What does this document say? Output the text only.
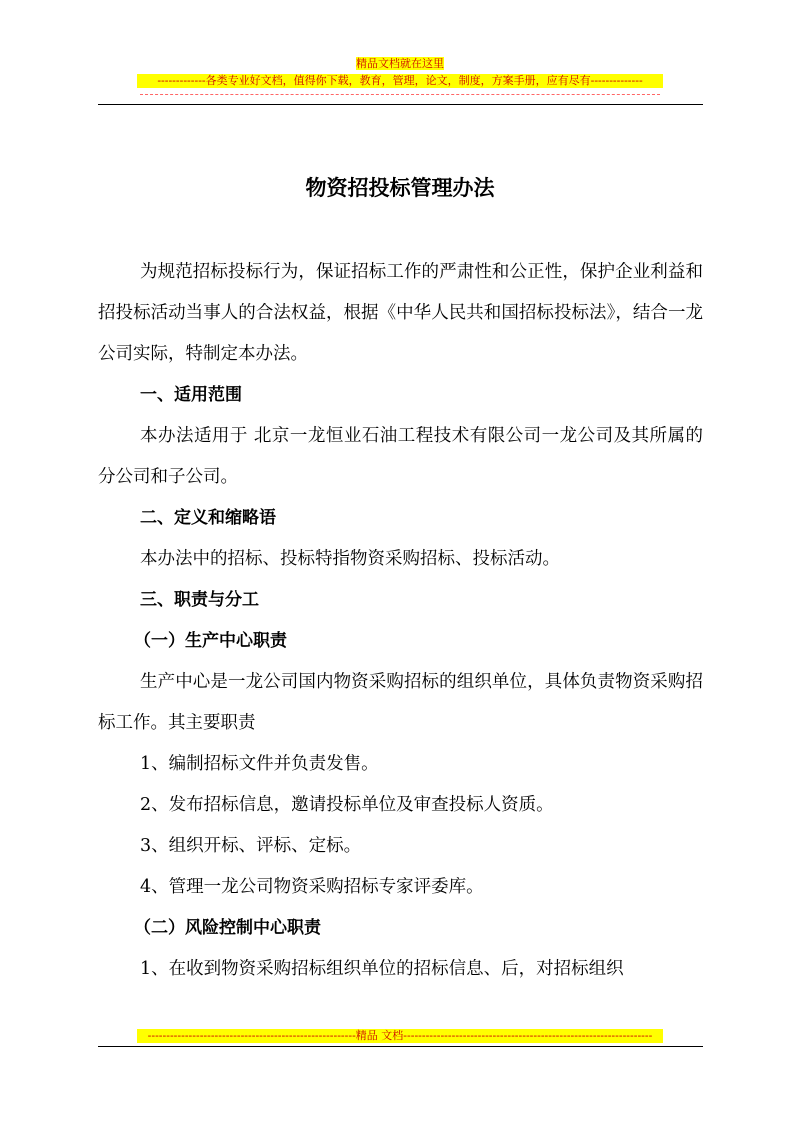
精品文档就在这里
-------------各类专业好文档，值得你下载，教育，管理，论文，制度，方案手册，应有尽有--------------
物资招投标管理办法

为规范招标投标行为，保证招标工作的严肃性和公正性，保护企业利益和招投标活动当事人的合法权益，根据《中华人民共和国招标投标法》，结合一龙公司实际，特制定本办法。

一、适用范围

本办法适用于 北京一龙恒业石油工程技术有限公司一龙公司及其所属的分公司和子公司。

二、定义和缩略语

本办法中的招标、投标特指物资采购招标、投标活动。

三、职责与分工

（一）生产中心职责

生产中心是一龙公司国内物资采购招标的组织单位，具体负责物资采购招标工作。其主要职责

1、编制招标文件并负责发售。

2、发布招标信息，邀请投标单位及审查投标人资质。

3、组织开标、评标、定标。

4、管理一龙公司物资采购招标专家评委库。

（二）风险控制中心职责

1、在收到物资采购招标组织单位的招标信息、后，对招标组织

--------------------------------------------------------精品 文档-------------------------------------------------------------------
